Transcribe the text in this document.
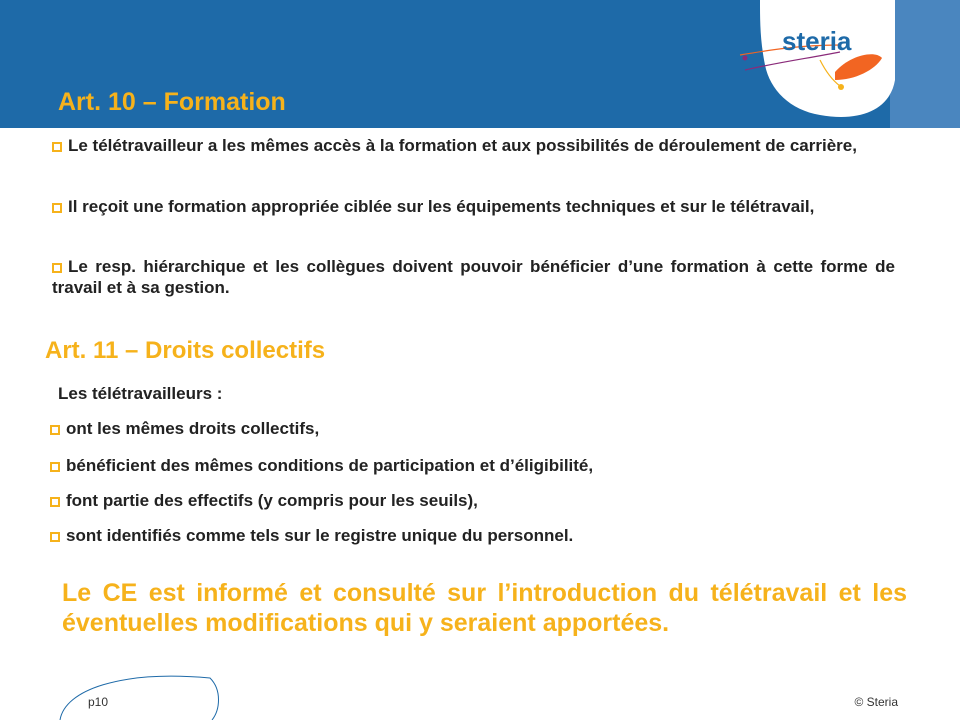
steria
Art. 10 – Formation
Le télétravailleur a les mêmes accès à la formation et aux possibilités de déroulement de carrière,
Il reçoit une formation appropriée ciblée sur les équipements techniques et sur le télétravail,
Le resp. hiérarchique et les collègues doivent pouvoir bénéficier d’une formation à cette forme de travail et à sa gestion.
Art. 11 – Droits collectifs
Les télétravailleurs :
ont les mêmes droits collectifs,
bénéficient des mêmes conditions de participation et d’éligibilité,
font partie des effectifs (y compris pour les seuils),
sont identifiés comme tels sur le registre unique du personnel.
Le CE est informé et consulté sur l’introduction du télétravail et les éventuelles modifications qui y seraient apportées.
p10	© Steria
